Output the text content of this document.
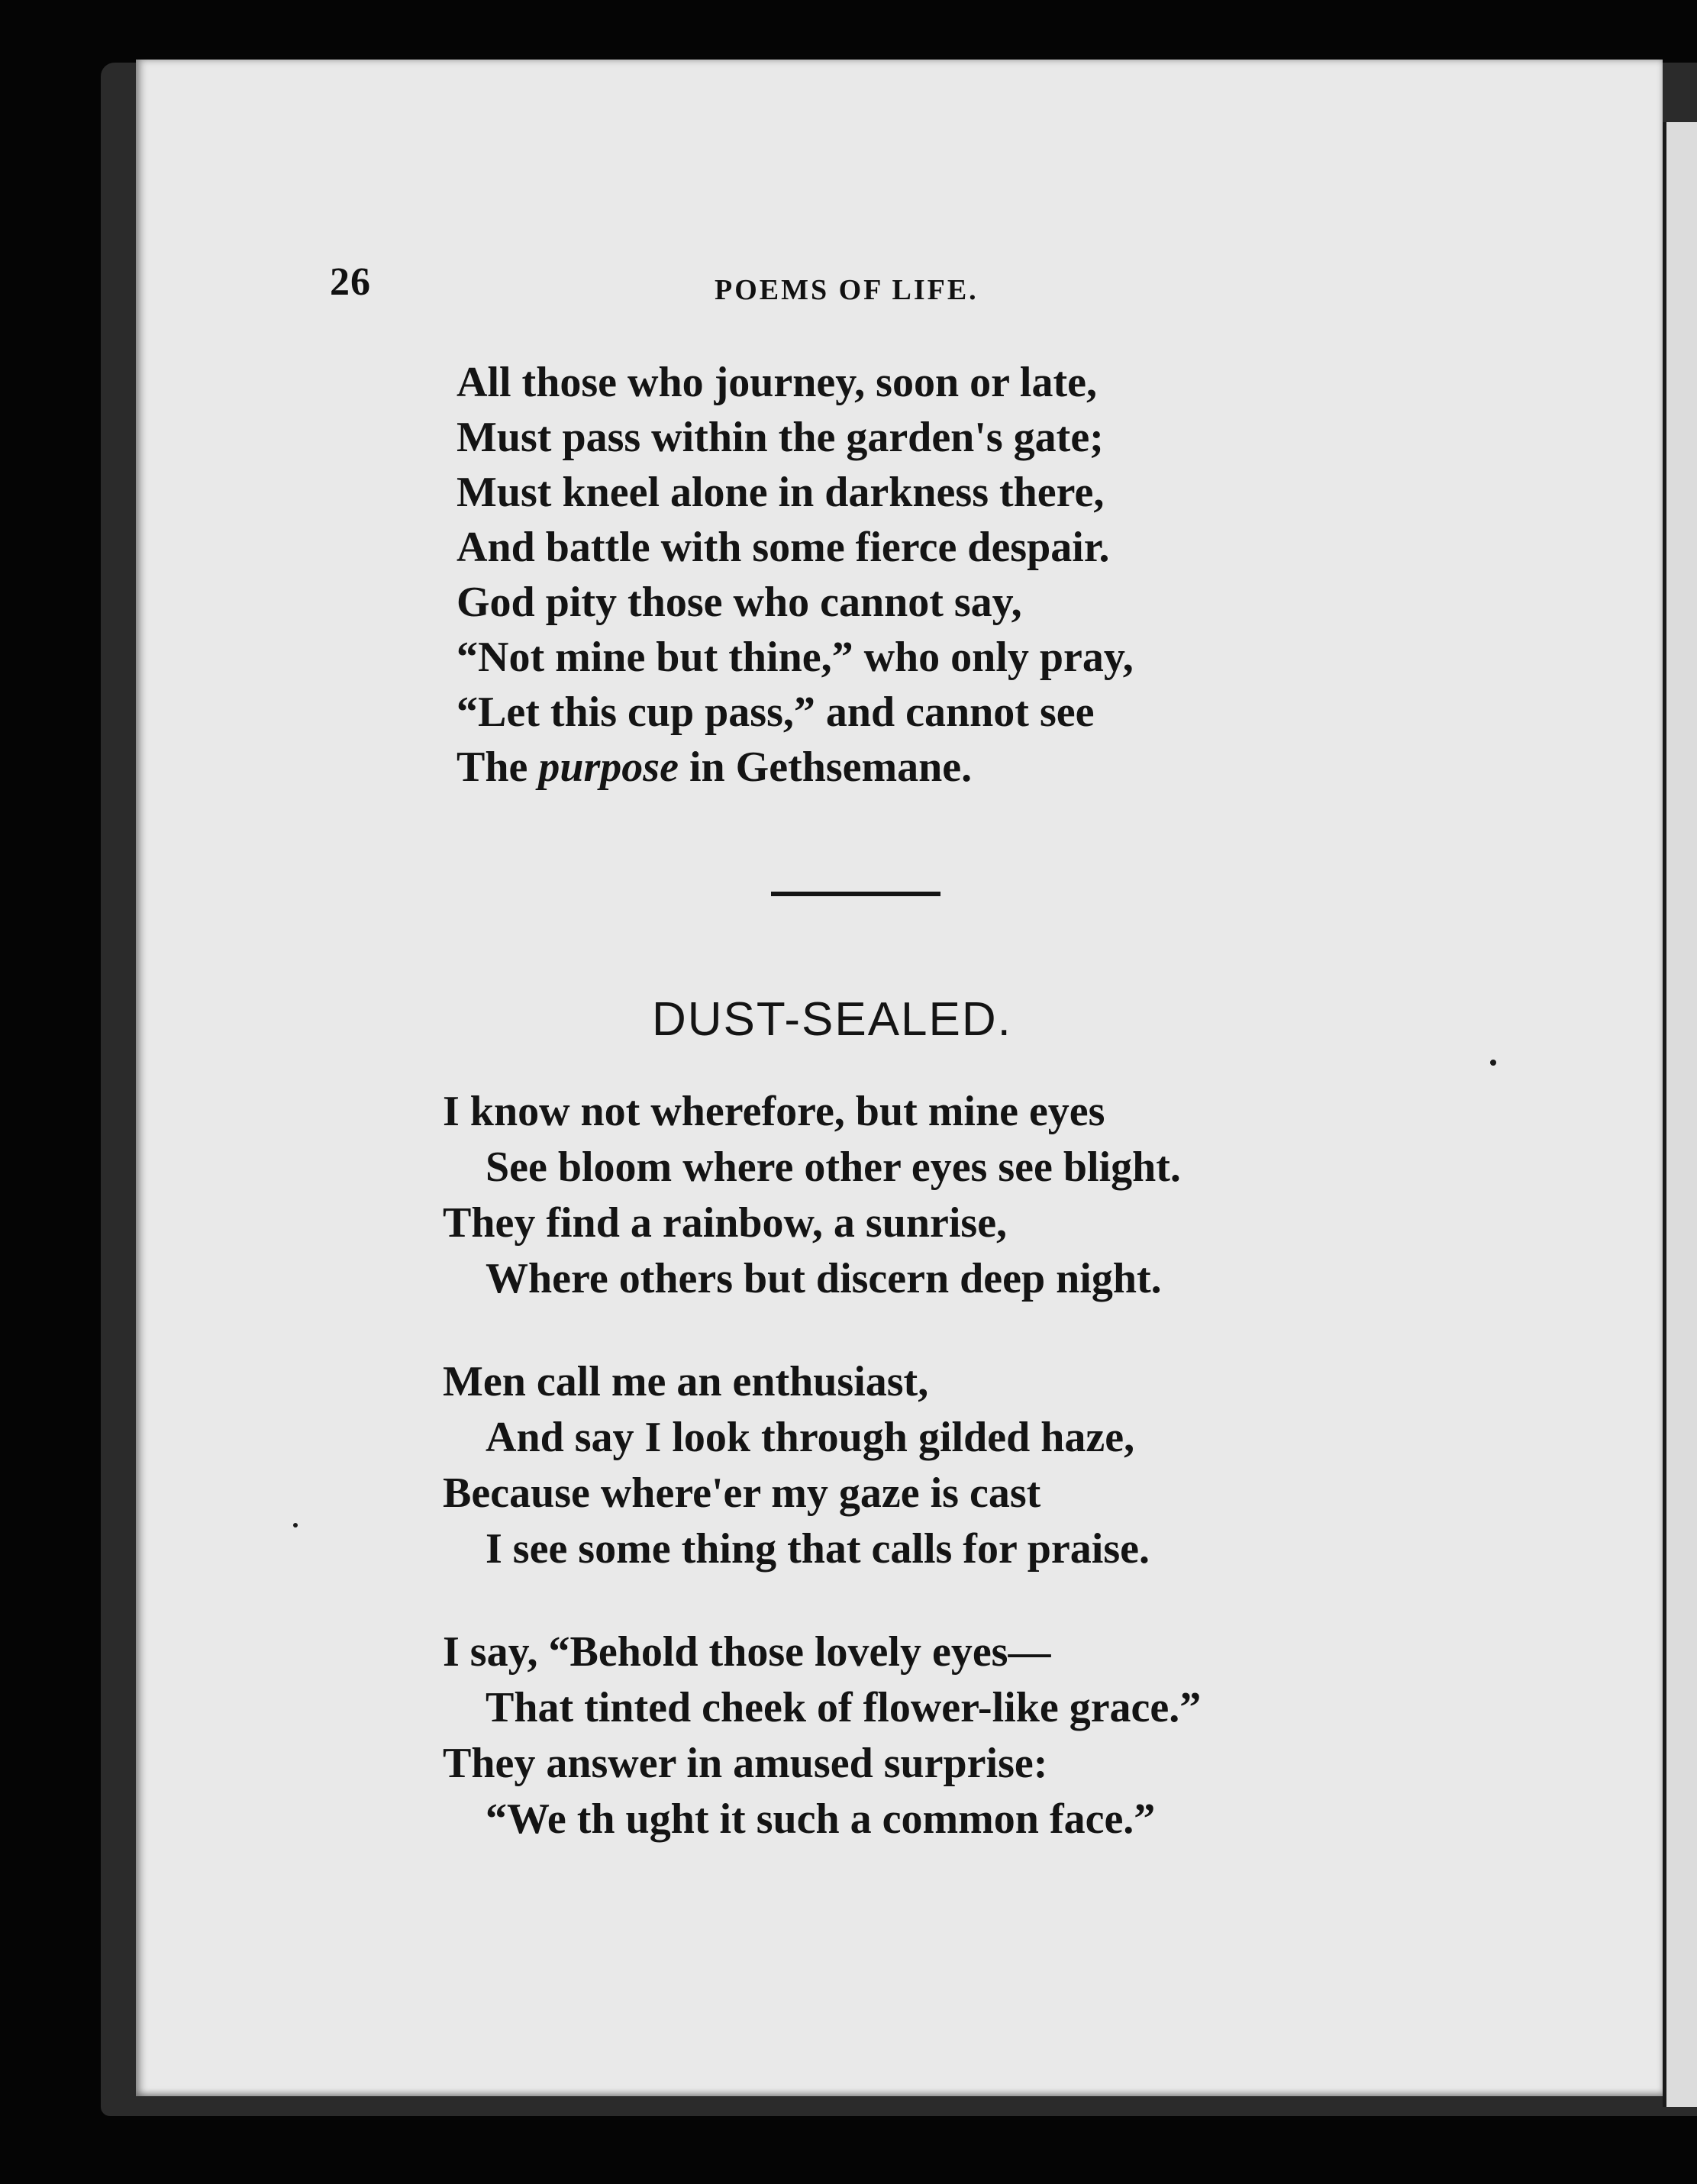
26	POEMS OF LIFE.
All those who journey, soon or late,
Must pass within the garden's gate;
Must kneel alone in darkness there,
And battle with some fierce despair.
God pity those who cannot say,
“Not mine but thine,” who only pray,
“Let this cup pass,” and cannot see
The purpose in Gethsemane.
DUST-SEALED.
I know not wherefore, but mine eyes
See bloom where other eyes see blight.
They find a rainbow, a sunrise,
Where others but discern deep night.
Men call me an enthusiast,
And say I look through gilded haze,
Because where'er my gaze is cast
I see some thing that calls for praise.
I say, “Behold those lovely eyes—
That tinted cheek of flower-like grace.”
They answer in amused surprise:
“We th ught it such a common face.”
